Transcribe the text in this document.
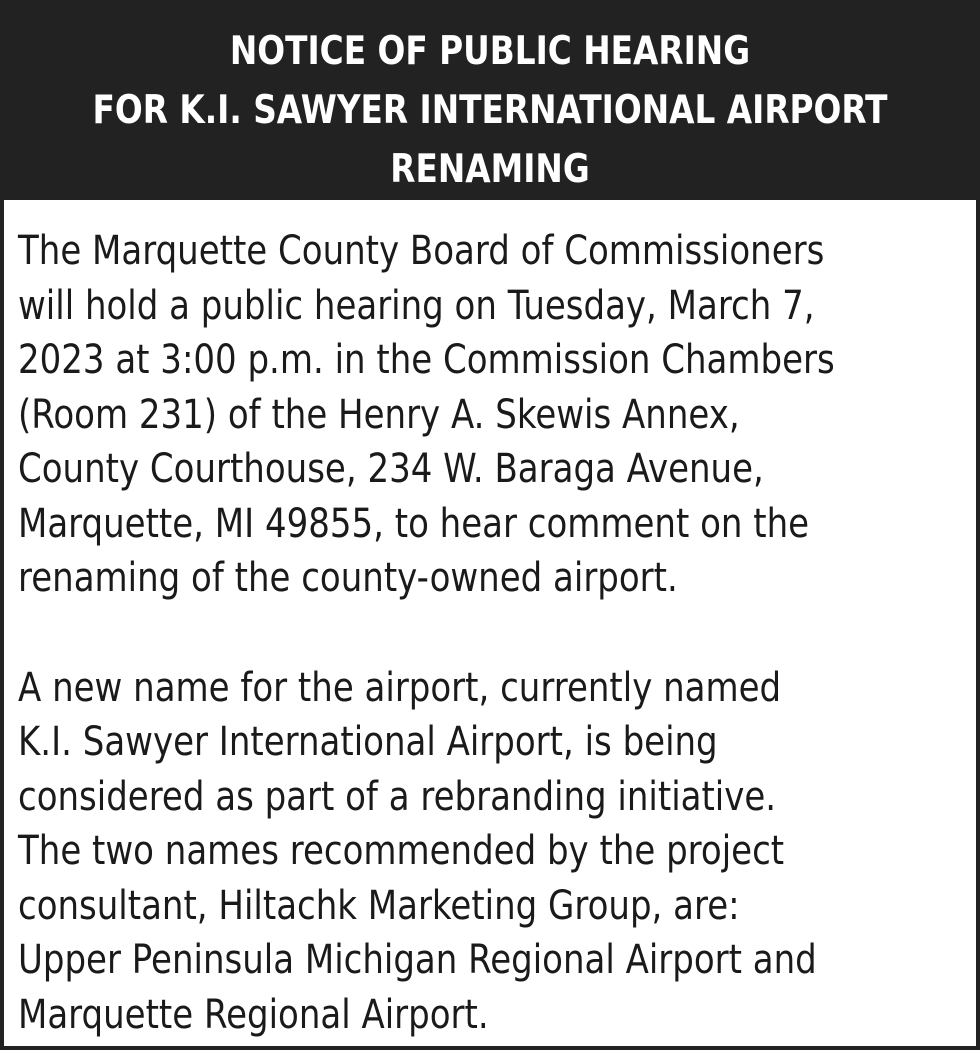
NOTICE OF PUBLIC HEARING
FOR K.I. SAWYER INTERNATIONAL AIRPORT
RENAMING
The Marquette County Board of Commissioners
will hold a public hearing on Tuesday, March 7,
2023 at 3:00 p.m. in the Commission Chambers
(Room 231) of the Henry A. Skewis Annex,
County Courthouse, 234 W. Baraga Avenue,
Marquette, MI 49855, to hear comment on the
renaming of the county-owned airport.
A new name for the airport, currently named
K.I. Sawyer International Airport, is being
considered as part of a rebranding initiative.
The two names recommended by the project
consultant, Hiltachk Marketing Group, are:
Upper Peninsula Michigan Regional Airport and
Marquette Regional Airport.
